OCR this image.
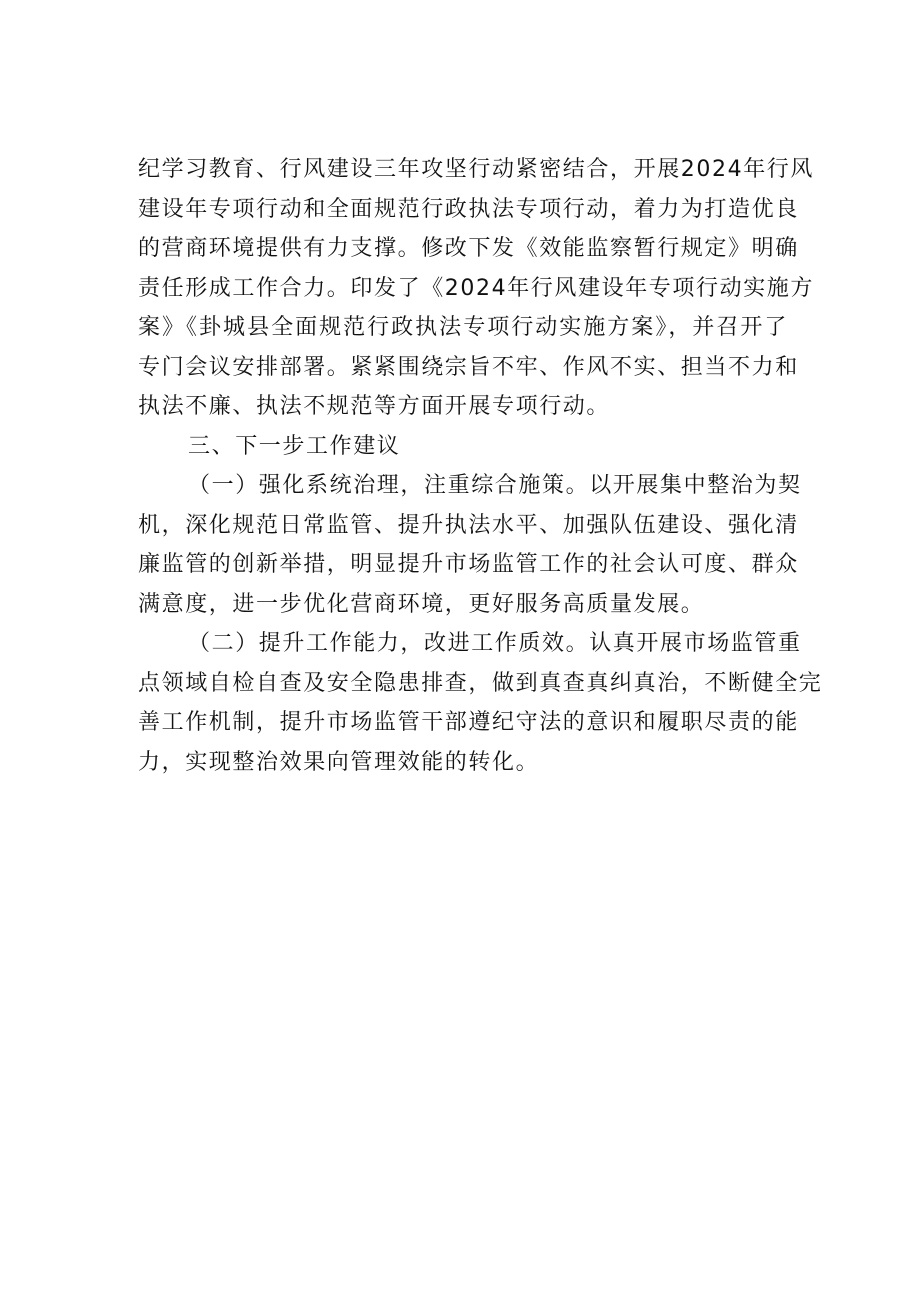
纪学习教育、行风建设三年攻坚行动紧密结合，开展2024年行风
建设年专项行动和全面规范行政执法专项行动，着力为打造优良
的营商环境提供有力支撑。修改下发《效能监察暂行规定》明确
责任形成工作合力。印发了《2024年行风建设年专项行动实施方
案》《卦城县全面规范行政执法专项行动实施方案》，并召开了
专门会议安排部署。紧紧围绕宗旨不牢、作风不实、担当不力和
执法不廉、执法不规范等方面开展专项行动。

三、下一步工作建议

（一）强化系统治理，注重综合施策。以开展集中整治为契
机，深化规范日常监管、提升执法水平、加强队伍建设、强化清
廉监管的创新举措，明显提升市场监管工作的社会认可度、群众
满意度，进一步优化营商环境，更好服务高质量发展。

（二）提升工作能力，改进工作质效。认真开展市场监管重
点领域自检自查及安全隐患排查，做到真查真纠真治，不断健全完
善工作机制，提升市场监管干部遵纪守法的意识和履职尽责的能
力，实现整治效果向管理效能的转化。
